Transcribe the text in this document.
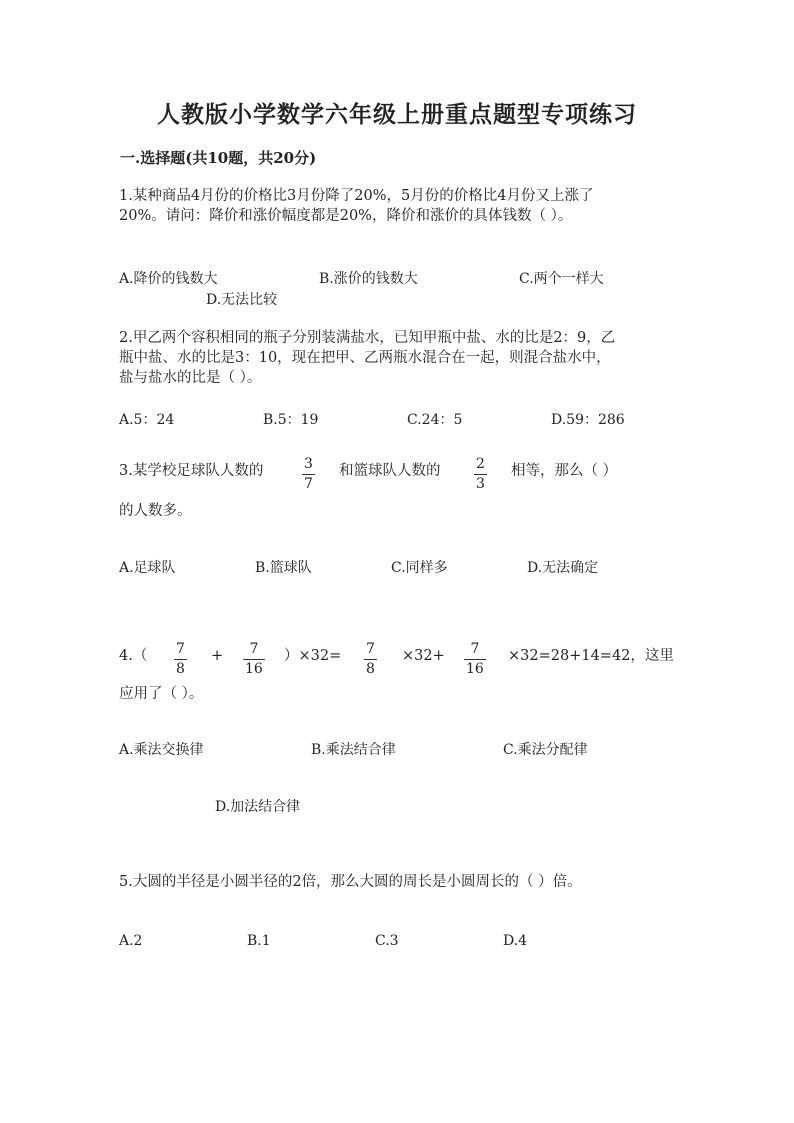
人教版小学数学六年级上册重点题型专项练习
一.选择题(共10题，共20分)
1.某种商品4月份的价格比3月份降了20%，5月份的价格比4月份又上涨了
20%。请问：降价和涨价幅度都是20%，降价和涨价的具体钱数（ ）。
A.降价的钱数大	B.涨价的钱数大	C.两个一样大
D.无法比较
2.甲乙两个容积相同的瓶子分别装满盐水，已知甲瓶中盐、水的比是2：9，乙
瓶中盐、水的比是3：10，现在把甲、乙两瓶水混合在一起，则混合盐水中，
盐与盐水的比是（ ）。
A.5：24	B.5：19	C.24：5	D.59：286
3.某学校足球队人数的	3
7
和篮球队人数的	2
3
相等，那么（ ）
的人数多。
A.足球队	B.篮球队	C.同样多	D.无法确定
4.（ 7
8
+	7
16
）×32= 7
8
×32+	7
16
×32=28+14=42，这里
应用了（ ）。
A.乘法交换律	B.乘法结合律	C.乘法分配律
D.加法结合律
5.大圆的半径是小圆半径的2倍，那么大圆的周长是小圆周长的（ ）倍。
A.2	B.1	C.3	D.4
